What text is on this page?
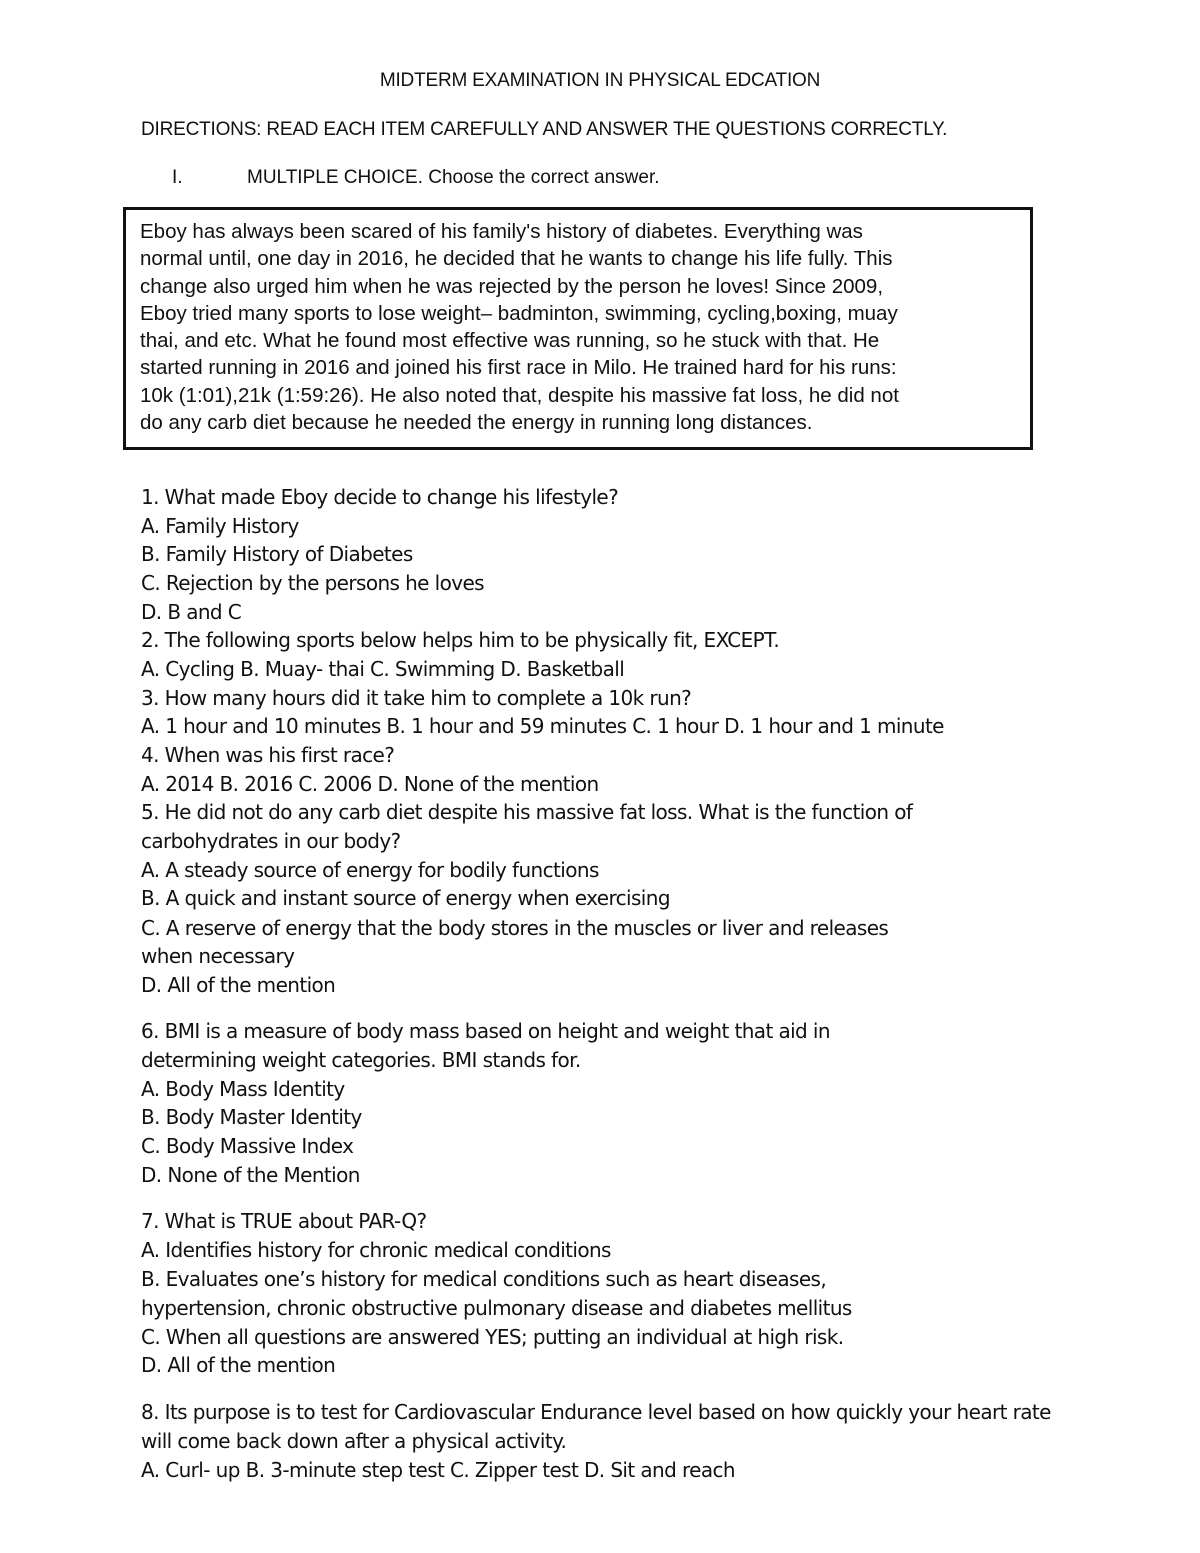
MIDTERM EXAMINATION IN PHYSICAL EDCATION
DIRECTIONS: READ EACH ITEM CAREFULLY AND ANSWER THE QUESTIONS CORRECTLY.
I.	MULTIPLE CHOICE. Choose the correct answer.

Eboy has always been scared of his family's history of diabetes. Everything was
normal until, one day in 2016, he decided that he wants to change his life fully. This
change also urged him when he was rejected by the person he loves! Since 2009,
Eboy tried many sports to lose weight– badminton, swimming, cycling,boxing, muay
thai, and etc. What he found most effective was running, so he stuck with that. He
started running in 2016 and joined his first race in Milo. He trained hard for his runs:
10k (1:01),21k (1:59:26). He also noted that, despite his massive fat loss, he did not
do any carb diet because he needed the energy in running long distances.

1. What made Eboy decide to change his lifestyle?
A. Family History
B. Family History of Diabetes
C. Rejection by the persons he loves
D. B and C
2. The following sports below helps him to be physically fit, EXCEPT.
A. Cycling B. Muay- thai C. Swimming D. Basketball
3. How many hours did it take him to complete a 10k run?
A. 1 hour and 10 minutes B. 1 hour and 59 minutes C. 1 hour D. 1 hour and 1 minute
4. When was his first race?
A. 2014 B. 2016 C. 2006 D. None of the mention
5. He did not do any carb diet despite his massive fat loss. What is the function of
carbohydrates in our body?
A. A steady source of energy for bodily functions
B. A quick and instant source of energy when exercising
C. A reserve of energy that the body stores in the muscles or liver and releases
when necessary
D. All of the mention
6. BMI is a measure of body mass based on height and weight that aid in
determining weight categories. BMI stands for.
A. Body Mass Identity
B. Body Master Identity
C. Body Massive Index
D. None of the Mention
7. What is TRUE about PAR-Q?
A. Identifies history for chronic medical conditions
B. Evaluates one’s history for medical conditions such as heart diseases,
hypertension, chronic obstructive pulmonary disease and diabetes mellitus
C. When all questions are answered YES; putting an individual at high risk.
D. All of the mention
8. Its purpose is to test for Cardiovascular Endurance level based on how quickly your heart rate
will come back down after a physical activity.
A. Curl- up B. 3-minute step test C. Zipper test D. Sit and reach
